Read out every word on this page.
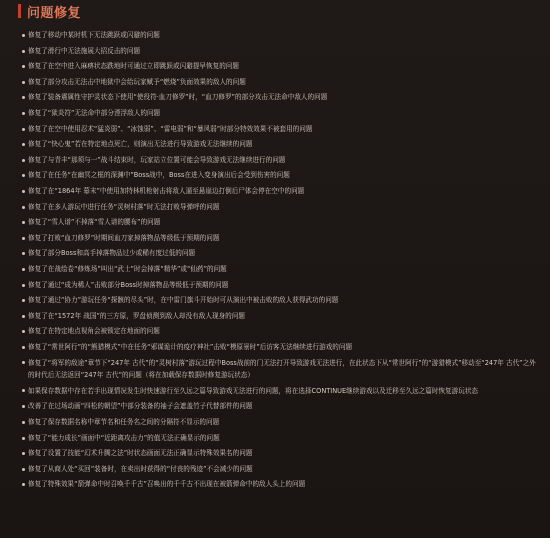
问题修复
修复了移动中某时机下无法跳跃或闪避的问题
修复了滑行中无法施展大招反击的问题
修复了在空中进入麻痹状态跌地时可通过立即跳跃或闪避提早恢复的问题
修复了部分攻击无法击中地狱中会给玩家赋予“燃烧”负面效果的敌人的问题
修复了装备震属性守护灵状态下使用“使役符·血刀修罗”时，“血刀修罗”的部分攻击无法命中敌人的问题
修复了“狱炎符”无法命中部分湮浮敌人的问题
修复了在空中使用忍术“猛炎弱”、“冰蚀弱”、“雷电弱”和“暴风弱”时部分特效效果不被套用的问题
修复了“快心鬼”若在特定地点死亡，则演出无法进行导致游戏无法继续的问题
修复了与青丰“那须与一”战斗结束时，玩家站立位置可能会导致游戏无法继续进行的问题
修复了在任务“在幽冥之框的深渊中”Boss战中，Boss在进入变身演出后会受到伤害的问题
修复了在“1864年 幕末”中使用加特林机枪射击将敌人逼至悬崖边打倒后尸体会停在空中的问题
修复了在多人游玩中进行任务“灵树村落”时无法打败导弹呼的问题
修复了“雪人谱”不掉落“雪人谱的腰布”的问题
修复了打败“血刀修罗”时期间血刀家掉落物品等级低于预期的问题
修复了部分Boss和高手掉落物品过少或稀有度过低的问题
修复了在战绘卷“修炼场”叫出“武士”时会掉落“精华”或“仙药”的问题
修复了通过“成为稀人”击败部分Boss时掉落物品等级低于预期的问题
修复了通过“协力”游玩任务“探骸的尽头”时，在中雷门旗斗开始时可从演出中被击败的敌人获得武功的问题
修复了在“1572年 战国”的三方原，罗盘侦测到敌人却没有敌人现身的问题
修复了在特定地点视角会被锁定在地面的问题
修复了“常世阿行”的“熊猎模式”中在任务“邪谋诡计的疫疗神社”击败“模原景时”后访客无法继续进行游戏的问题
修复了“将军的敌途”章节下“247年 古代”的“灵树村落”游玩过程中Boss战前的门无法打开导致游戏无法进行，在此状态下从“常世阿行”的“游猎模式”移动至“247年 古代”之外的时代后无法返回“247年 古代”的问题（将在加载保存数据时修复游玩状态）
如果保存数据中存在若手出现情况发生时快速游行至久远之篇导致游戏无法进行的问题，将在选择CONTINUE继续游戏以及迁移至久远之篇时恢复游玩状态
改善了在过场动画“四松的朝望”中部分装备的袖子会遮盖竹子代替部件的问题
修复了保存数据名称中章节名和任务名之间的分隔符不显示的问题
修复了“能力成长”画面中“近距离攻击力”的值无法正确显示的问题
修复了设置了技能“幻术升腾之法”时状态画面无法正确显示特殊效果名的问题
修复了从商人处“买回”装备时，在卖出时获得的“付丧的残迹”不会减少的问题
修复了特殊效果“箭弹命中时召唤千千古”召唤出的千千古不出现在被箭弹命中的敌人头上的问题
